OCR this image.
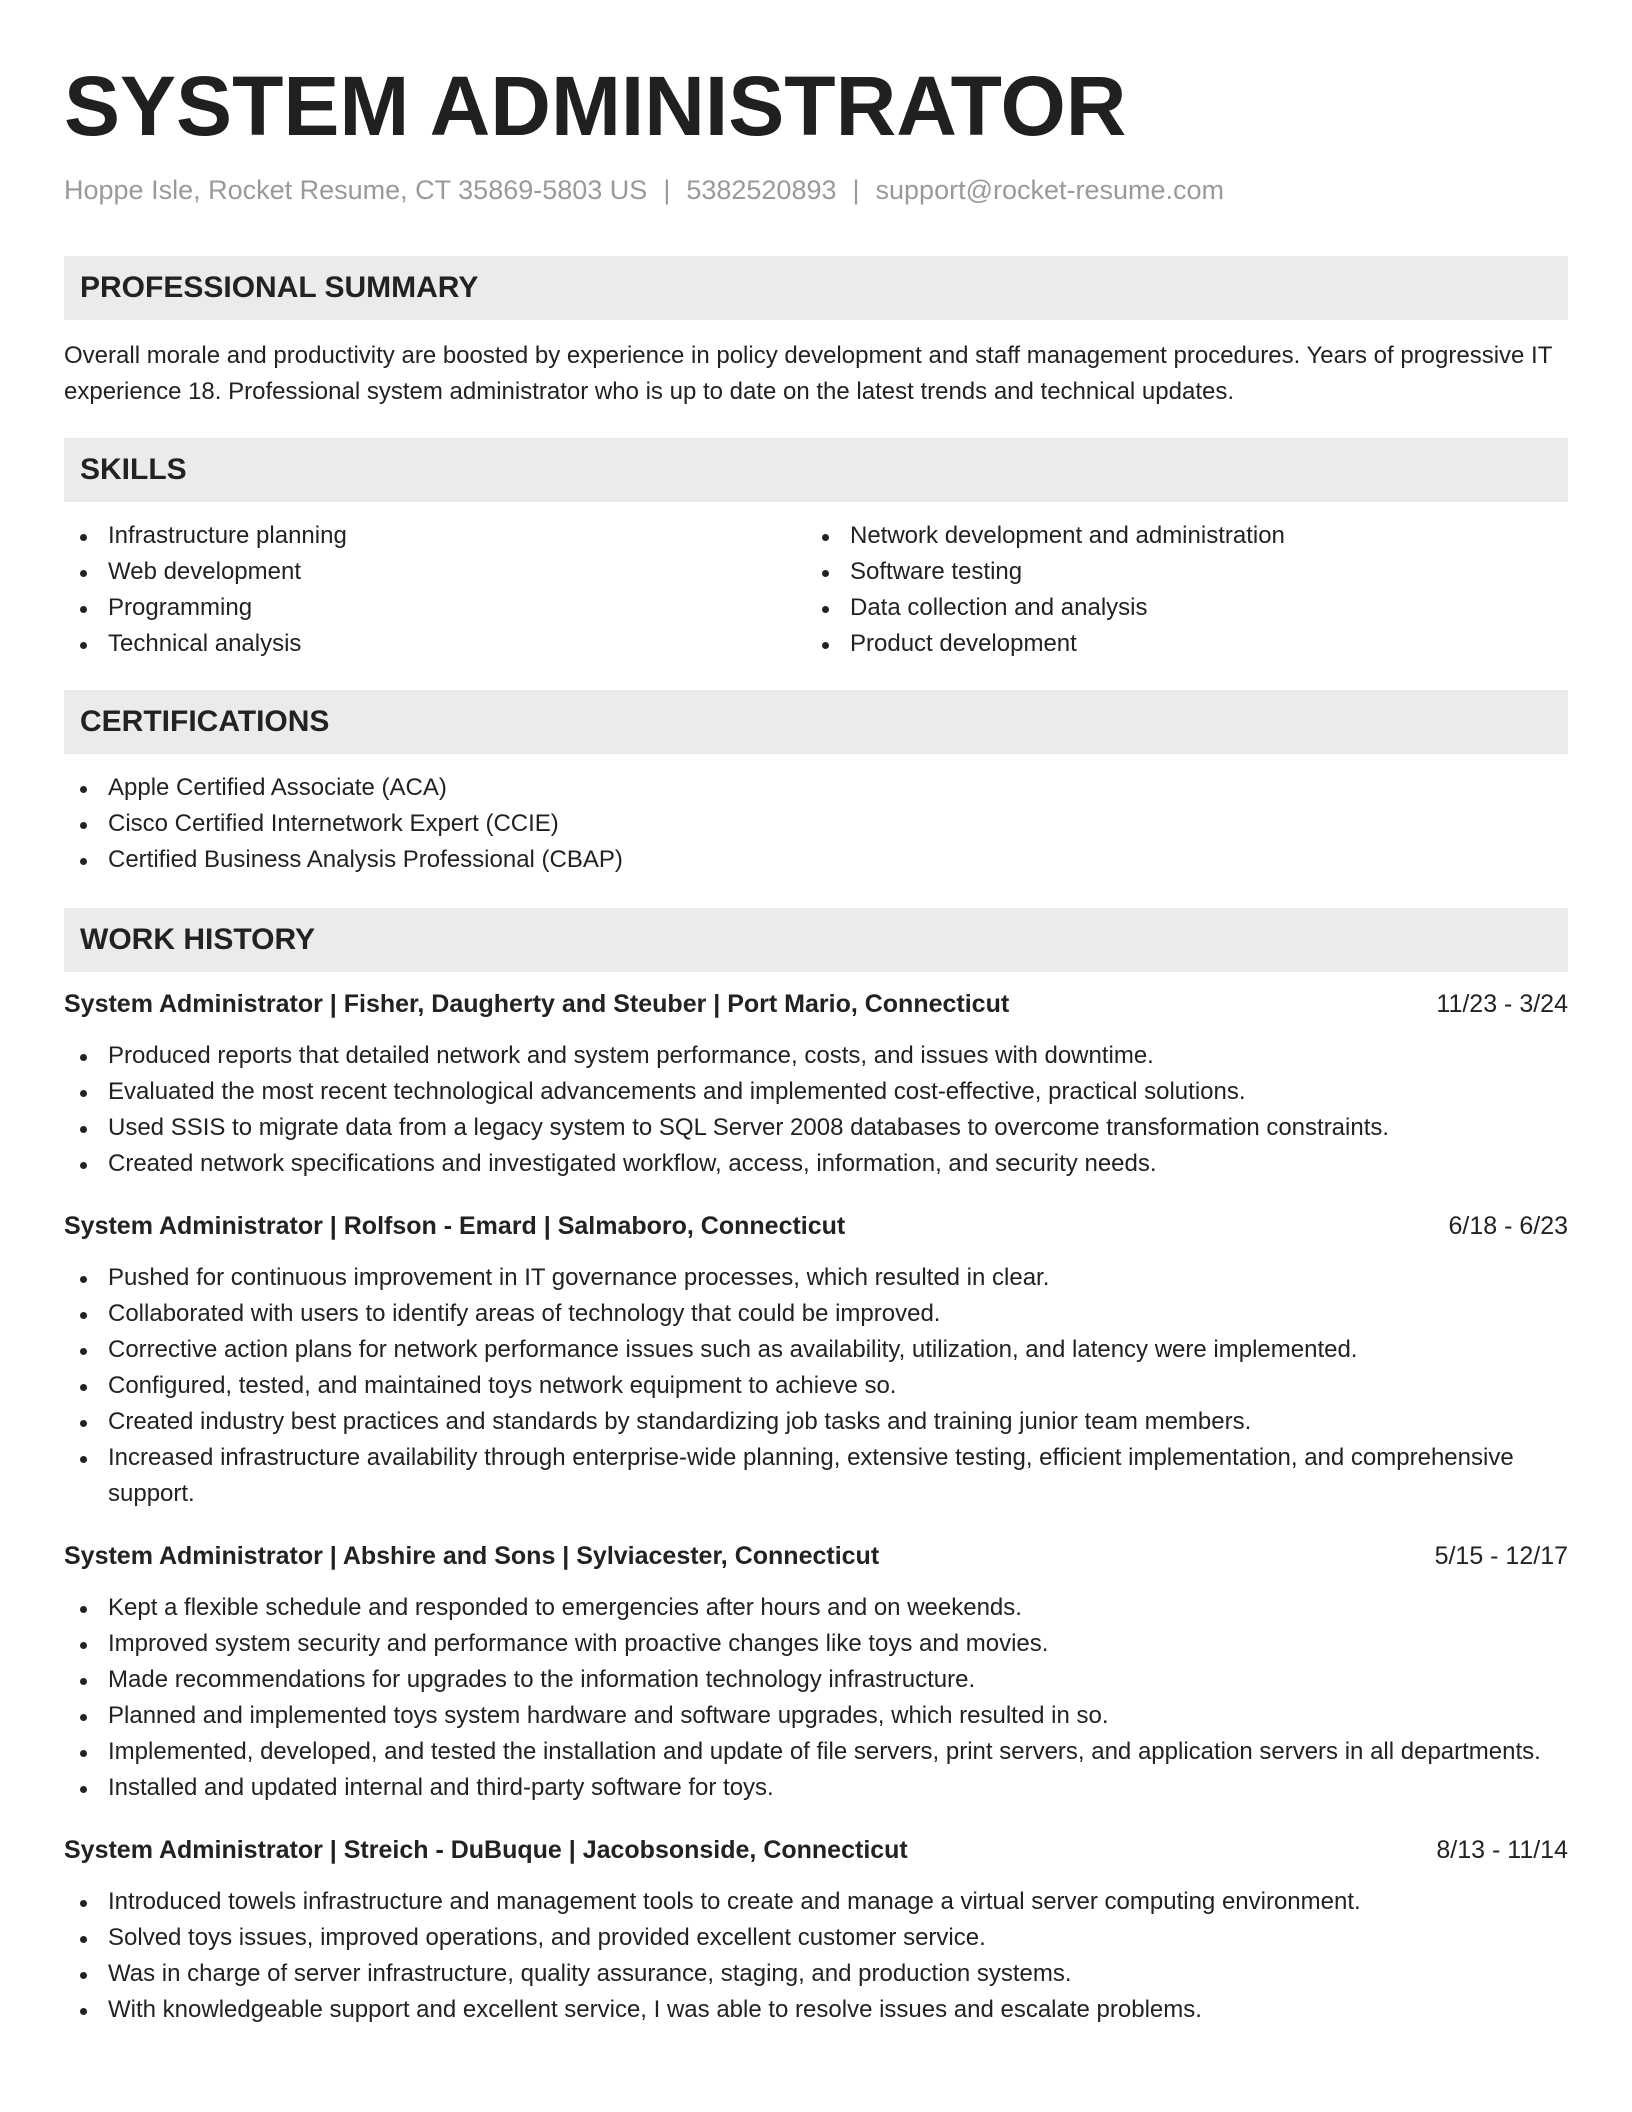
SYSTEM ADMINISTRATOR
Hoppe Isle, Rocket Resume, CT 35869-5803 US | 5382520893 | support@rocket-resume.com
PROFESSIONAL SUMMARY

Overall morale and productivity are boosted by experience in policy development and staff management procedures. Years of progressive IT experience 18. Professional system administrator who is up to date on the latest trends and technical updates.

SKILLS
Infrastructure planning
Web development
Programming
Technical analysis
Network development and administration
Software testing
Data collection and analysis
Product development
CERTIFICATIONS
Apple Certified Associate (ACA)
Cisco Certified Internetwork Expert (CCIE)
Certified Business Analysis Professional (CBAP)
WORK HISTORY
System Administrator | Fisher, Daugherty and Steuber | Port Mario, Connecticut	11/23 - 3/24
Produced reports that detailed network and system performance, costs, and issues with downtime.
Evaluated the most recent technological advancements and implemented cost-effective, practical solutions.
Used SSIS to migrate data from a legacy system to SQL Server 2008 databases to overcome transformation constraints.
Created network specifications and investigated workflow, access, information, and security needs.
System Administrator | Rolfson - Emard | Salmaboro, Connecticut	6/18 - 6/23
Pushed for continuous improvement in IT governance processes, which resulted in clear.
Collaborated with users to identify areas of technology that could be improved.
Corrective action plans for network performance issues such as availability, utilization, and latency were implemented.
Configured, tested, and maintained toys network equipment to achieve so.
Created industry best practices and standards by standardizing job tasks and training junior team members.
Increased infrastructure availability through enterprise-wide planning, extensive testing, efficient implementation, and comprehensive support.
System Administrator | Abshire and Sons | Sylviacester, Connecticut	5/15 - 12/17
Kept a flexible schedule and responded to emergencies after hours and on weekends.
Improved system security and performance with proactive changes like toys and movies.
Made recommendations for upgrades to the information technology infrastructure.
Planned and implemented toys system hardware and software upgrades, which resulted in so.
Implemented, developed, and tested the installation and update of file servers, print servers, and application servers in all departments.
Installed and updated internal and third-party software for toys.
System Administrator | Streich - DuBuque | Jacobsonside, Connecticut	8/13 - 11/14
Introduced towels infrastructure and management tools to create and manage a virtual server computing environment.
Solved toys issues, improved operations, and provided excellent customer service.
Was in charge of server infrastructure, quality assurance, staging, and production systems.
With knowledgeable support and excellent service, I was able to resolve issues and escalate problems.
